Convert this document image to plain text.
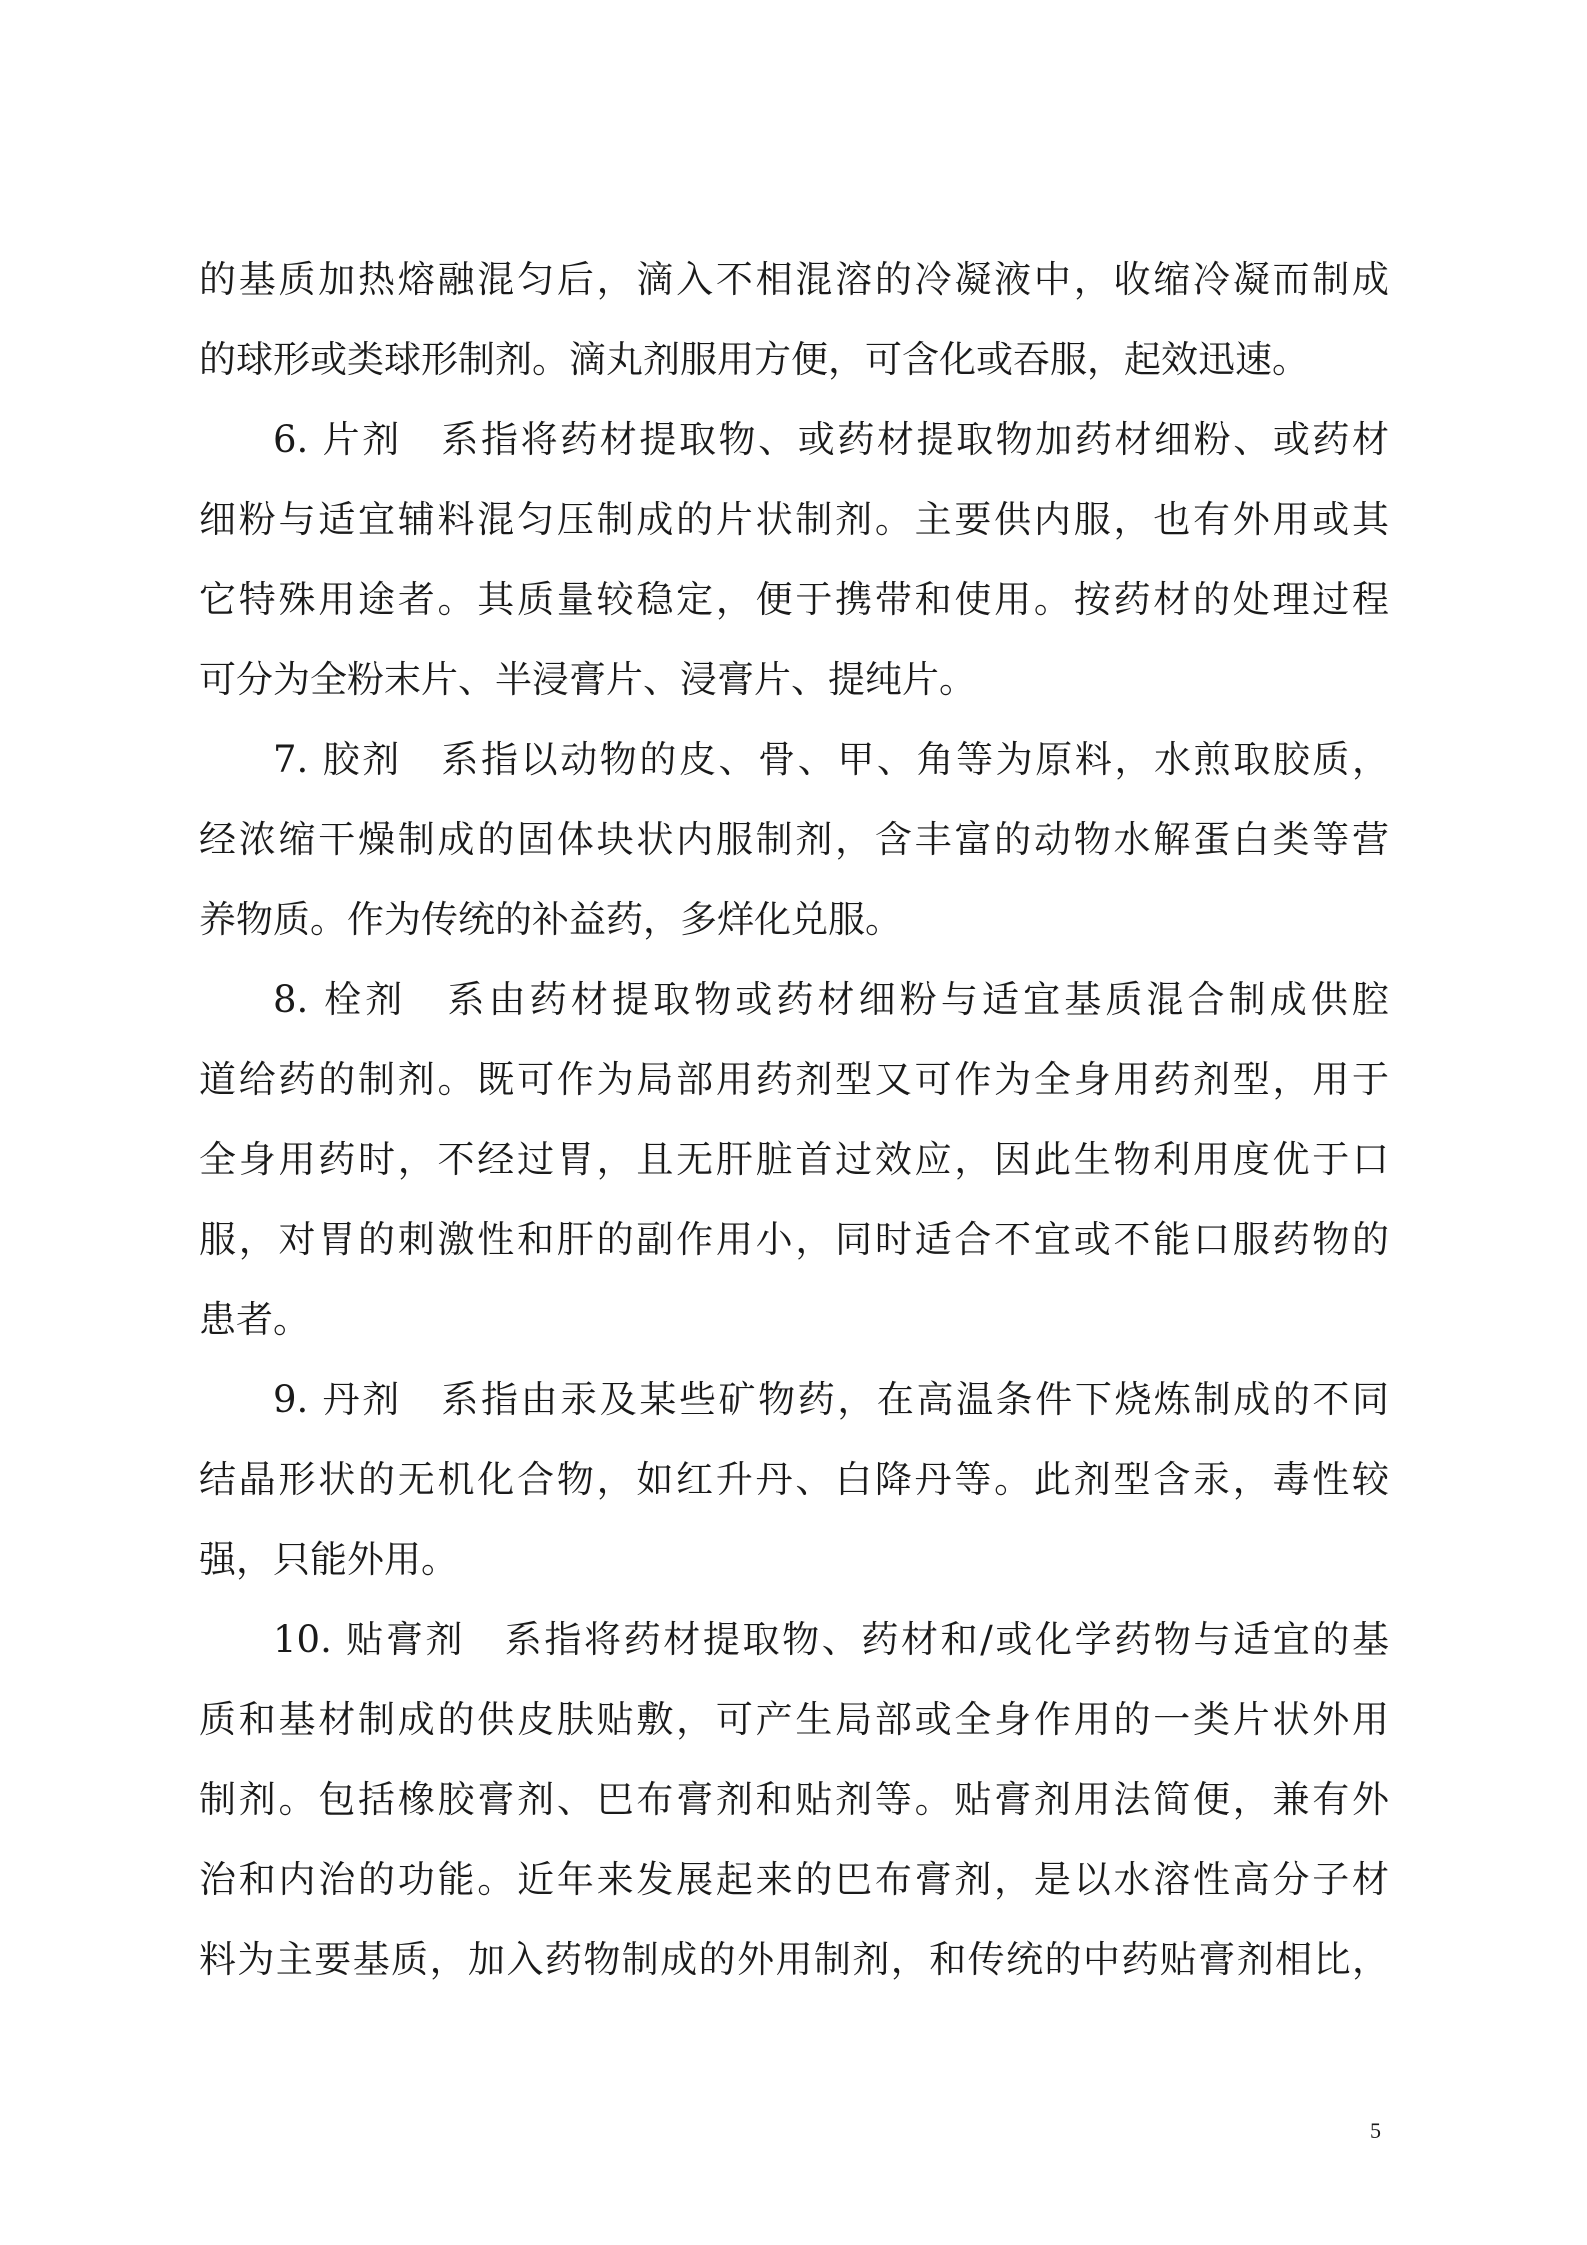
的基质加热熔融混匀后，滴入不相混溶的冷凝液中，收缩冷凝而制成
的球形或类球形制剂。滴丸剂服用方便，可含化或吞服，起效迅速。
6. 片剂　系指将药材提取物、或药材提取物加药材细粉、或药材
细粉与适宜辅料混匀压制成的片状制剂。主要供内服，也有外用或其
它特殊用途者。其质量较稳定，便于携带和使用。按药材的处理过程
可分为全粉末片、半浸膏片、浸膏片、提纯片。
7. 胶剂　系指以动物的皮、骨、甲、角等为原料，水煎取胶质，
经浓缩干燥制成的固体块状内服制剂，含丰富的动物水解蛋白类等营
养物质。作为传统的补益药，多烊化兑服。
8. 栓剂　系由药材提取物或药材细粉与适宜基质混合制成供腔
道给药的制剂。既可作为局部用药剂型又可作为全身用药剂型，用于
全身用药时，不经过胃，且无肝脏首过效应，因此生物利用度优于口
服，对胃的刺激性和肝的副作用小，同时适合不宜或不能口服药物的
患者。
9. 丹剂　系指由汞及某些矿物药，在高温条件下烧炼制成的不同
结晶形状的无机化合物，如红升丹、白降丹等。此剂型含汞，毒性较
强，只能外用。
10. 贴膏剂　系指将药材提取物、药材和/或化学药物与适宜的基
质和基材制成的供皮肤贴敷，可产生局部或全身作用的一类片状外用
制剂。包括橡胶膏剂、巴布膏剂和贴剂等。贴膏剂用法简便，兼有外
治和内治的功能。近年来发展起来的巴布膏剂，是以水溶性高分子材
料为主要基质，加入药物制成的外用制剂，和传统的中药贴膏剂相比，
5
